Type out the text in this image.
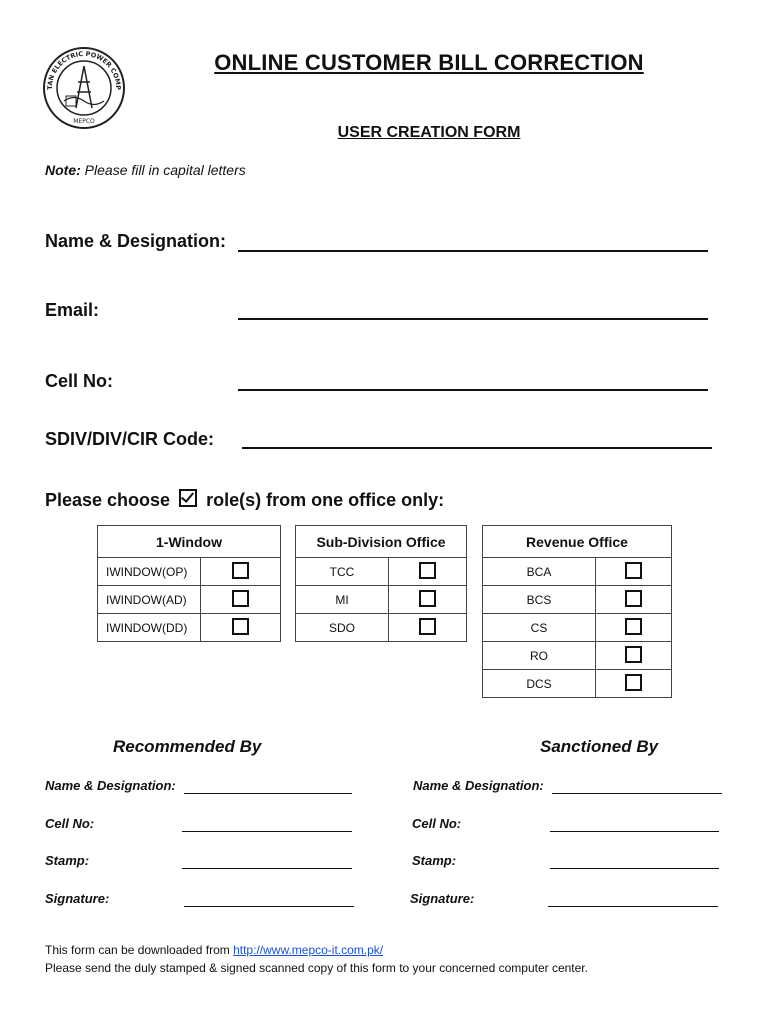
TAN ELECTRIC POWER COMP
MEPCO
ONLINE CUSTOMER BILL CORRECTION
USER CREATION FORM
Note: Please fill in capital letters
Name & Designation:
Email:
Cell No:
SDIV/DIV/CIR Code:
Please choose role(s) from one office only:
1-Window	
IWINDOW(OP)	
IWINDOW(AD)	
IWINDOW(DD)	
Sub-Division Office	
TCC	
MI	
SDO	
Revenue Office	
BCA	
BCS	
CS	
RO	
DCS	
Recommended By
Name & Designation:
Cell No:
Stamp:
Signature:
Sanctioned By
Name & Designation:
Cell No:
Stamp:
Signature:
This form can be downloaded from http://www.mepco-it.com.pk/
Please send the duly stamped & signed scanned copy of this form to your concerned computer center.
